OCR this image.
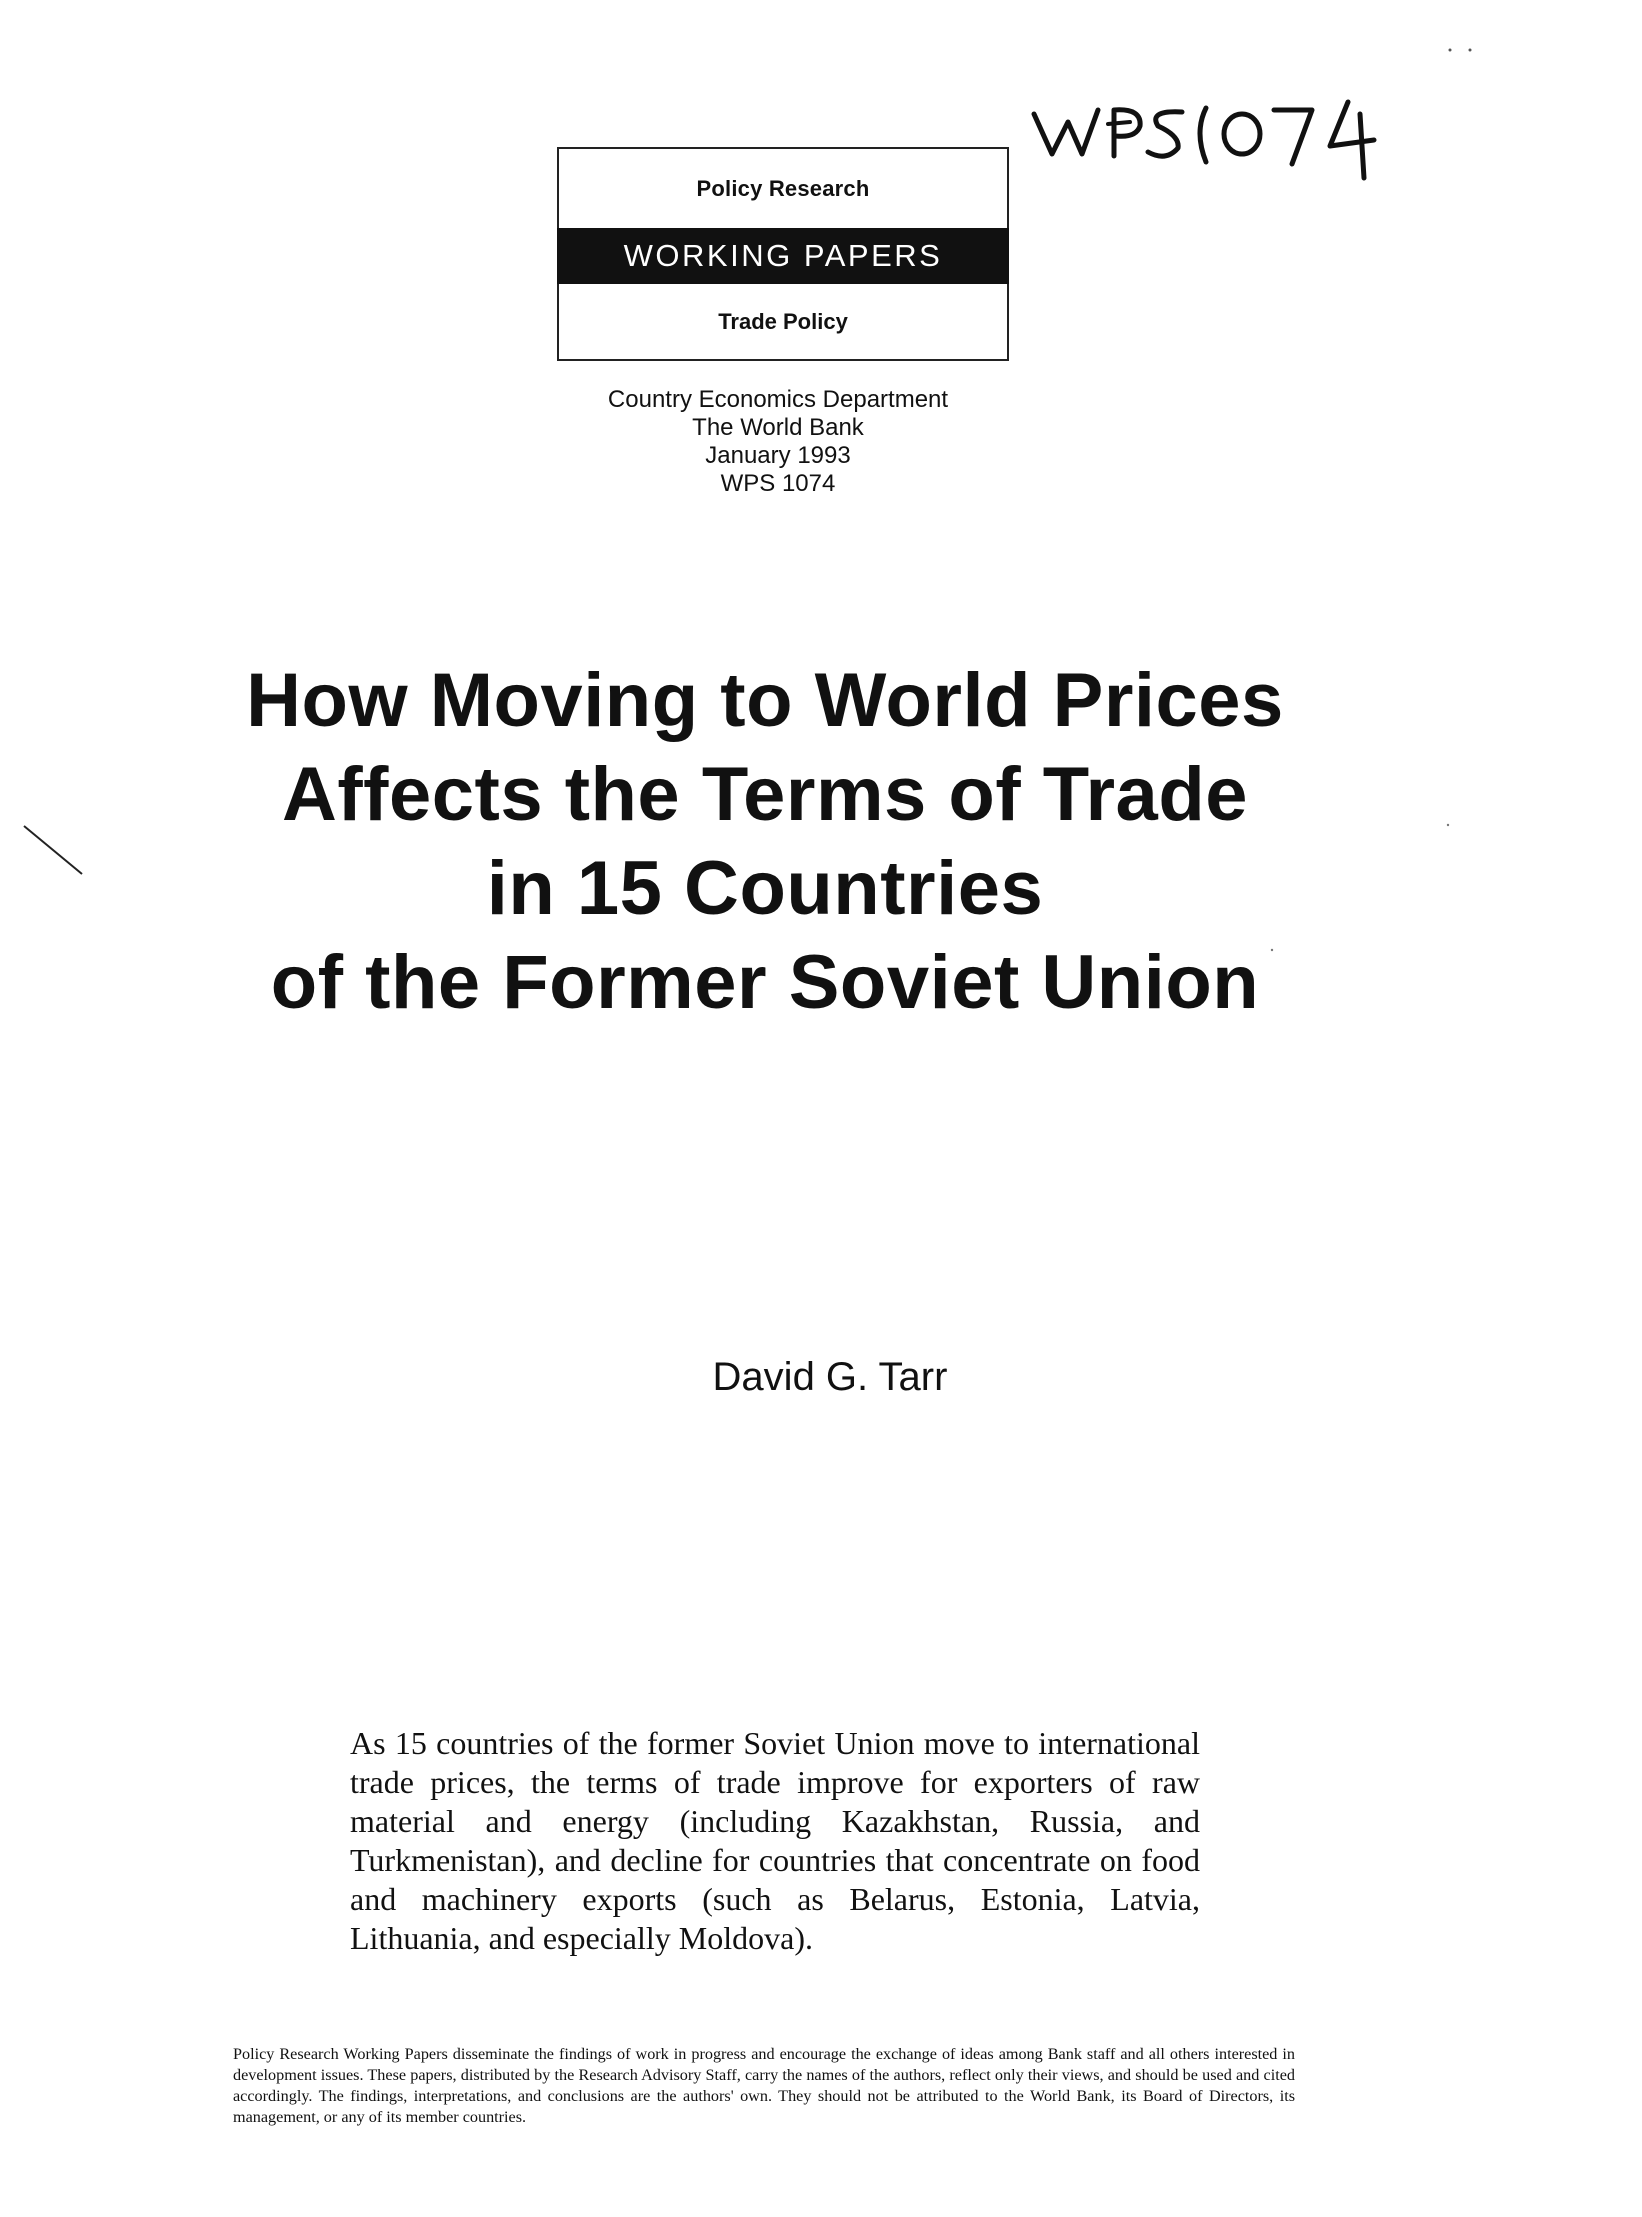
WPS1074
Policy Research
WORKING PAPERS
Trade Policy
Country Economics Department
The World Bank
January 1993
WPS 1074
How Moving to World Prices
Affects the Terms of Trade
in 15 Countries
of the Former Soviet Union
David G. Tarr

As 15 countries of the former Soviet Union move to international trade prices, the terms of trade improve for exporters of raw material and energy (including Kazakhstan, Russia, and Turkmenistan), and decline for countries that concentrate on food and machinery exports (such as Belarus, Estonia, Latvia, Lithuania, and especially Moldova).

Policy Research Working Papers disseminate the findings of work in progress and encourage the exchange of ideas among Bank staff and all others interested in development issues. These papers, distributed by the Research Advisory Staff, carry the names of the authors, reflect only their views, and should be used and cited accordingly. The findings, interpretations, and conclusions are the authors' own. They should not be attributed to the World Bank, its Board of Directors, its management, or any of its member countries.
